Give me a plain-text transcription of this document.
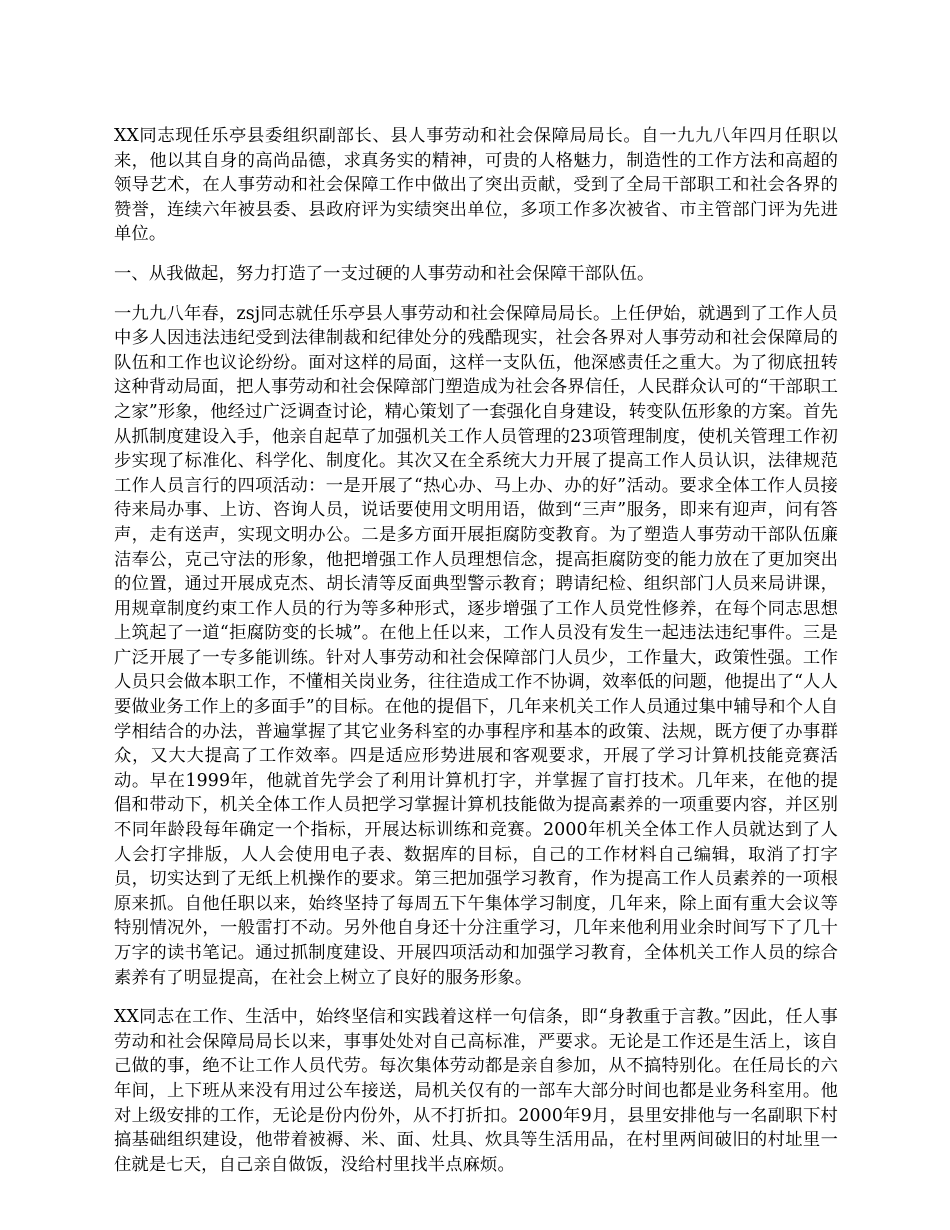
XX同志现任乐亭县委组织副部长、县人事劳动和社会保障局局长。自一九九八年四月任职以来，他以其自身的高尚品德，求真务实的精神，可贵的人格魅力，制造性的工作方法和高超的领导艺术，在人事劳动和社会保障工作中做出了突出贡献，受到了全局干部职工和社会各界的赞誉，连续六年被县委、县政府评为实绩突出单位，多项工作多次被省、市主管部门评为先进单位。

一、从我做起，努力打造了一支过硬的人事劳动和社会保障干部队伍。

一九九八年春，zsj同志就任乐亭县人事劳动和社会保障局局长。上任伊始，就遇到了工作人员中多人因违法违纪受到法律制裁和纪律处分的残酷现实，社会各界对人事劳动和社会保障局的队伍和工作也议论纷纷。面对这样的局面，这样一支队伍，他深感责任之重大。为了彻底扭转这种背动局面，把人事劳动和社会保障部门塑造成为社会各界信任，人民群众认可的“干部职工之家”形象，他经过广泛调查讨论，精心策划了一套强化自身建设，转变队伍形象的方案。首先从抓制度建设入手，他亲自起草了加强机关工作人员管理的23项管理制度，使机关管理工作初步实现了标准化、科学化、制度化。其次又在全系统大力开展了提高工作人员认识，法律规范工作人员言行的四项活动：一是开展了“热心办、马上办、办的好”活动。要求全体工作人员接待来局办事、上访、咨询人员，说话要使用文明用语，做到“三声”服务，即来有迎声，问有答声，走有送声，实现文明办公。二是多方面开展拒腐防变教育。为了塑造人事劳动干部队伍廉洁奉公，克己守法的形象，他把增强工作人员理想信念，提高拒腐防变的能力放在了更加突出的位置，通过开展成克杰、胡长清等反面典型警示教育；聘请纪检、组织部门人员来局讲课，用规章制度约束工作人员的行为等多种形式，逐步增强了工作人员党性修养，在每个同志思想上筑起了一道“拒腐防变的长城”。在他上任以来，工作人员没有发生一起违法违纪事件。三是广泛开展了一专多能训练。针对人事劳动和社会保障部门人员少，工作量大，政策性强。工作人员只会做本职工作，不懂相关岗业务，往往造成工作不协调，效率低的问题，他提出了“人人要做业务工作上的多面手”的目标。在他的提倡下，几年来机关工作人员通过集中辅导和个人自学相结合的办法，普遍掌握了其它业务科室的办事程序和基本的政策、法规，既方便了办事群众，又大大提高了工作效率。四是适应形势进展和客观要求，开展了学习计算机技能竞赛活动。早在1999年，他就首先学会了利用计算机打字，并掌握了盲打技术。几年来，在他的提倡和带动下，机关全体工作人员把学习掌握计算机技能做为提高素养的一项重要内容，并区别不同年龄段每年确定一个指标，开展达标训练和竞赛。2000年机关全体工作人员就达到了人人会打字排版，人人会使用电子表、数据库的目标，自己的工作材料自己编辑，取消了打字员，切实达到了无纸上机操作的要求。第三把加强学习教育，作为提高工作人员素养的一项根原来抓。自他任职以来，始终坚持了每周五下午集体学习制度，几年来，除上面有重大会议等特别情况外，一般雷打不动。另外他自身还十分注重学习，几年来他利用业余时间写下了几十万字的读书笔记。通过抓制度建设、开展四项活动和加强学习教育，全体机关工作人员的综合素养有了明显提高，在社会上树立了良好的服务形象。

XX同志在工作、生活中，始终坚信和实践着这样一句信条，即“身教重于言教。”因此，任人事劳动和社会保障局局长以来，事事处处对自己高标准，严要求。无论是工作还是生活上，该自己做的事，绝不让工作人员代劳。每次集体劳动都是亲自参加，从不搞特别化。在任局长的六年间，上下班从来没有用过公车接送，局机关仅有的一部车大部分时间也都是业务科室用。他对上级安排的工作，无论是份内份外，从不打折扣。2000年9月，县里安排他与一名副职下村搞基础组织建设，他带着被褥、米、面、灶具、炊具等生活用品，在村里两间破旧的村址里一住就是七天，自己亲自做饭，没给村里找半点麻烦。
